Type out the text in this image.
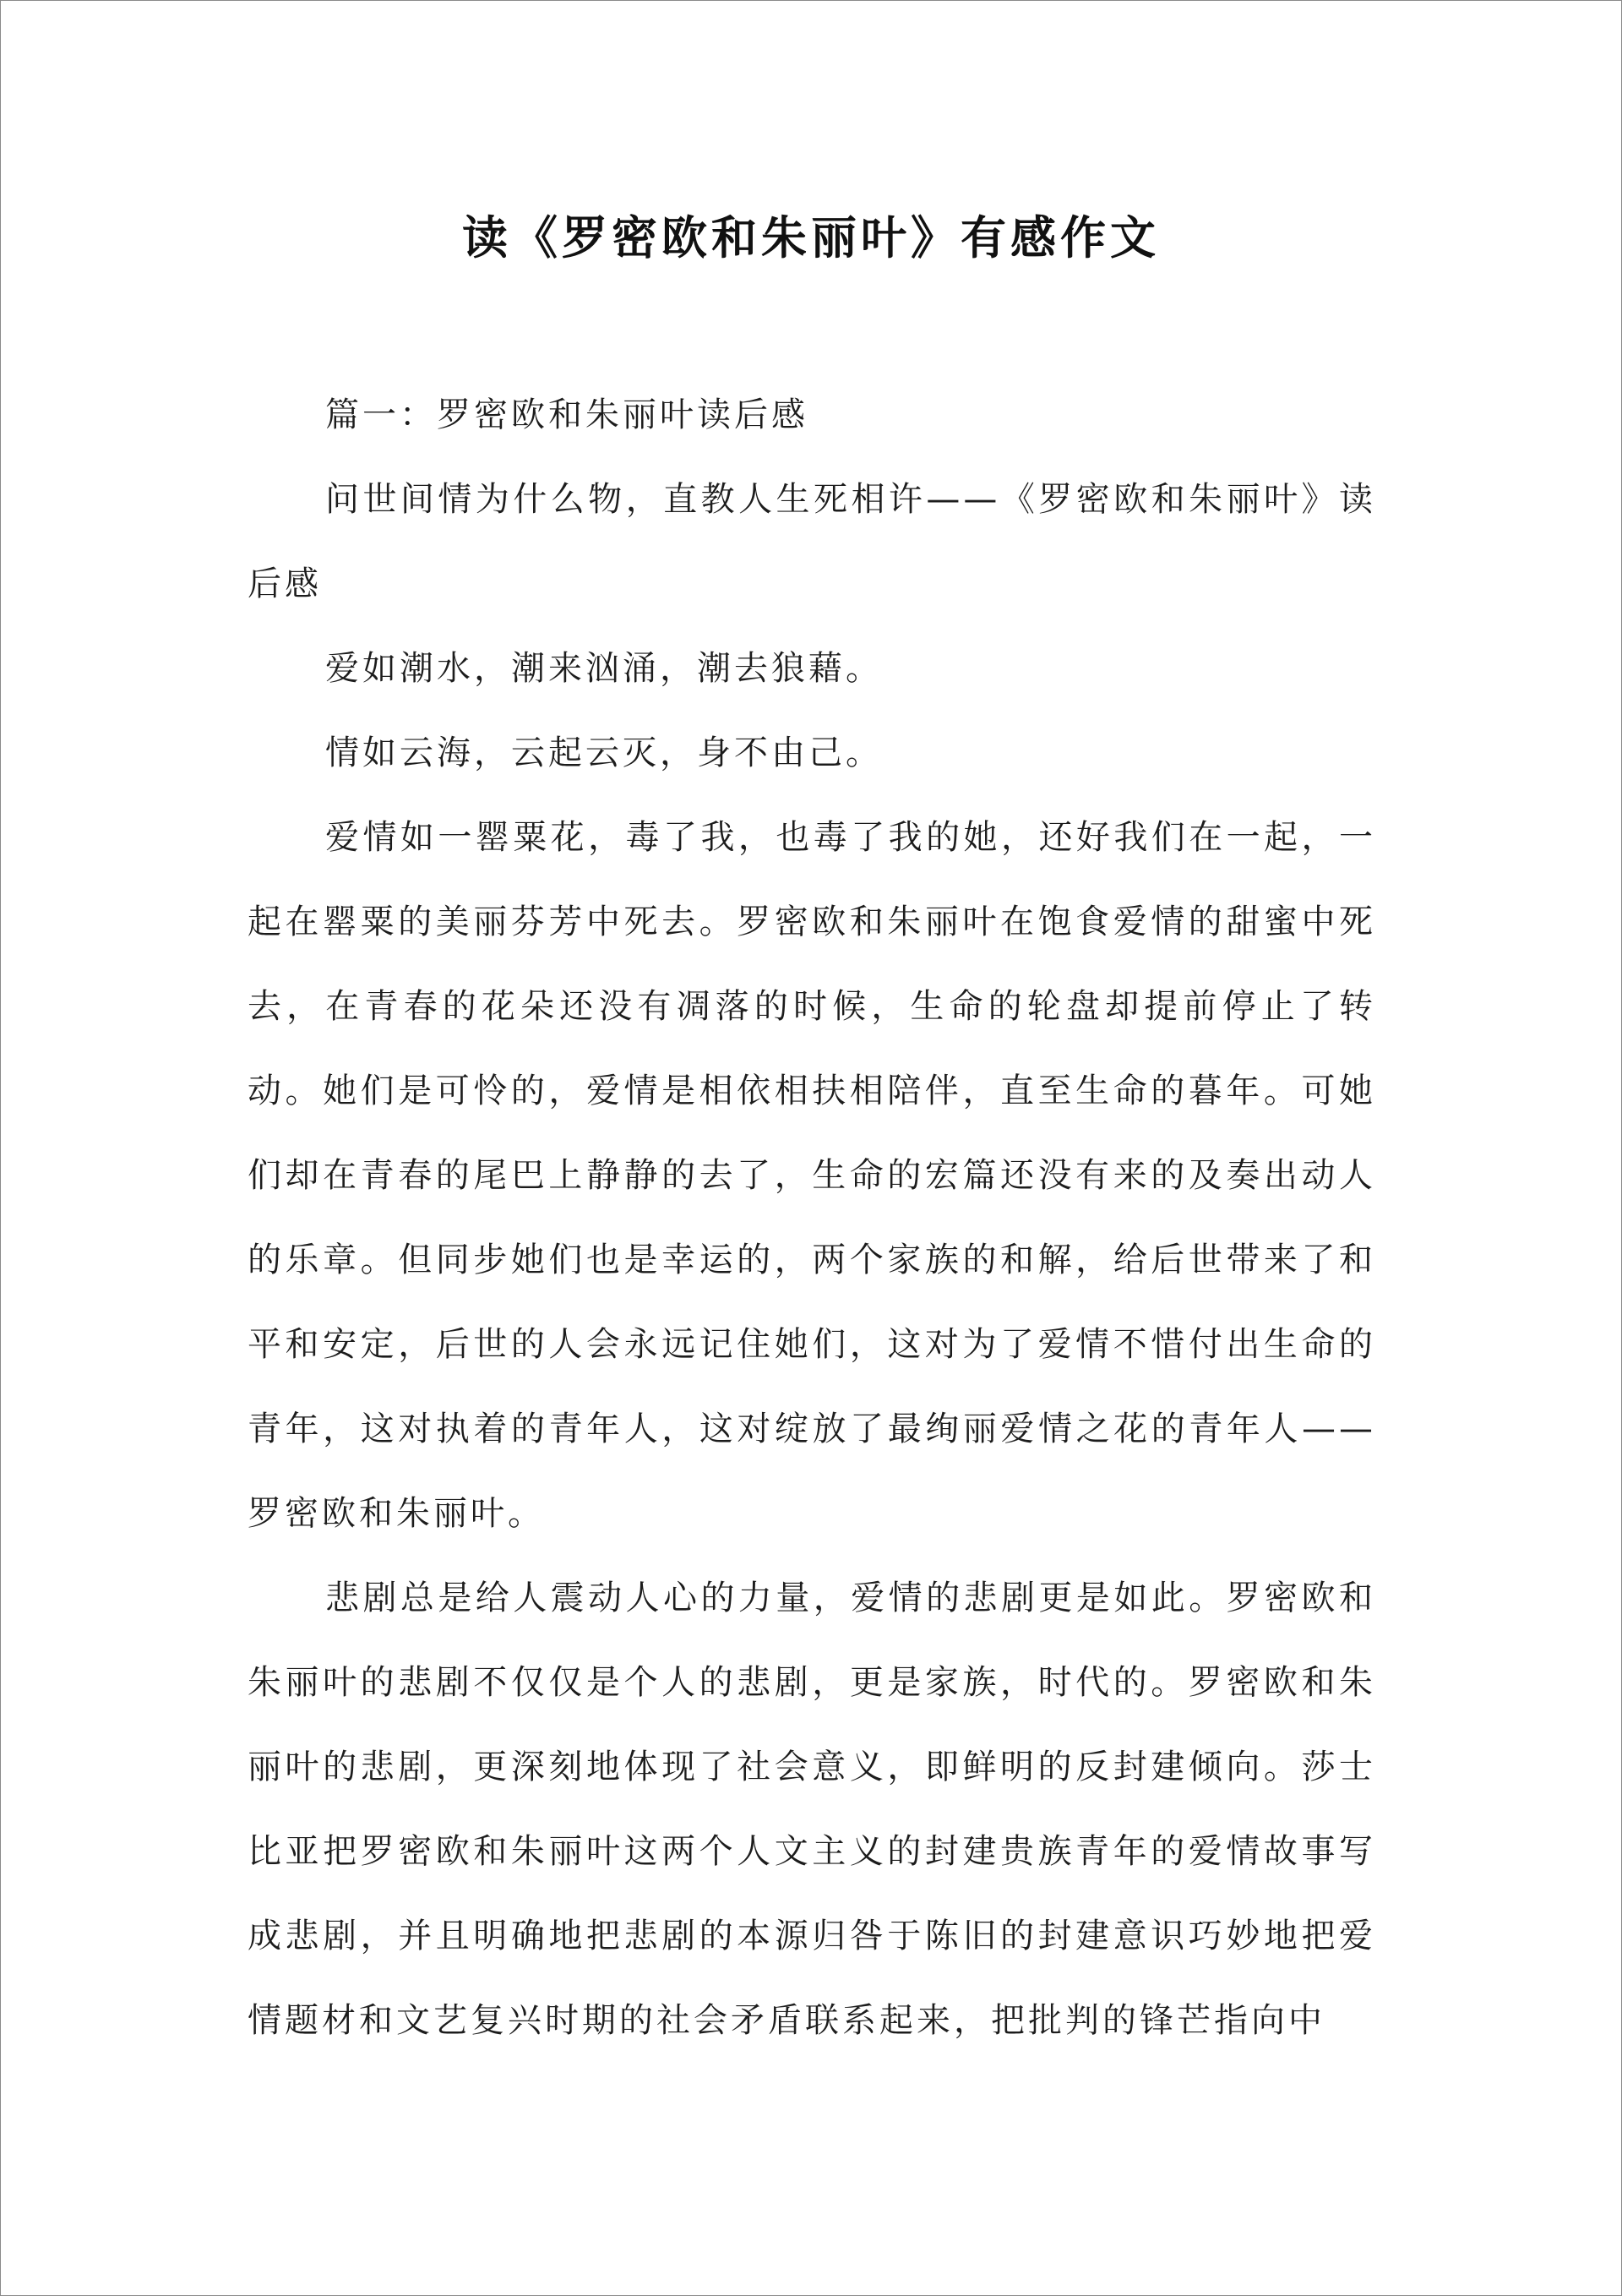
读《罗密欧和朱丽叶》有感作文

篇一：罗密欧和朱丽叶读后感

问世间情为什么物，直教人生死相许——《罗密欧和朱丽叶》读后感

爱如潮水，潮来汹涌，潮去狼藉。

情如云海，云起云灭，身不由己。

爱情如一罂粟花，毒了我，也毒了我的她，还好我们在一起，一起在罂粟的美丽芬芳中死去。罗密欧和朱丽叶在饱食爱情的甜蜜中死去，在青春的花朵还没有凋落的时候，生命的轮盘却提前停止了转动。她们是可怜的，爱情是相依相扶相陪伴，直至生命的暮年。可她们却在青春的尾巴上静静的去了，生命的宏篇还没有来的及奏出动人的乐章。但同步她们也是幸运的，两个家族的和解，给后世带来了和平和安定，后世的人会永远记住她们，这对为了爱情不惜付出生命的青年，这对执着的青年人，这对绽放了最绚丽爱情之花的青年人——罗密欧和朱丽叶。

悲剧总是给人震动人心的力量，爱情的悲剧更是如此。罗密欧和朱丽叶的悲剧不仅仅是个人的悲剧，更是家族，时代的。罗密欧和朱丽叶的悲剧，更深刻地体现了社会意义，即鲜明的反封建倾向。莎士比亚把罗密欧和朱丽叶这两个人文主义的封建贵族青年的爱情故事写成悲剧，并且明确地把悲剧的本源归咎于陈旧的封建意识巧妙地把爱情题材和文艺复兴时期的社会矛盾联系起来，把批判的锋芒指向中
